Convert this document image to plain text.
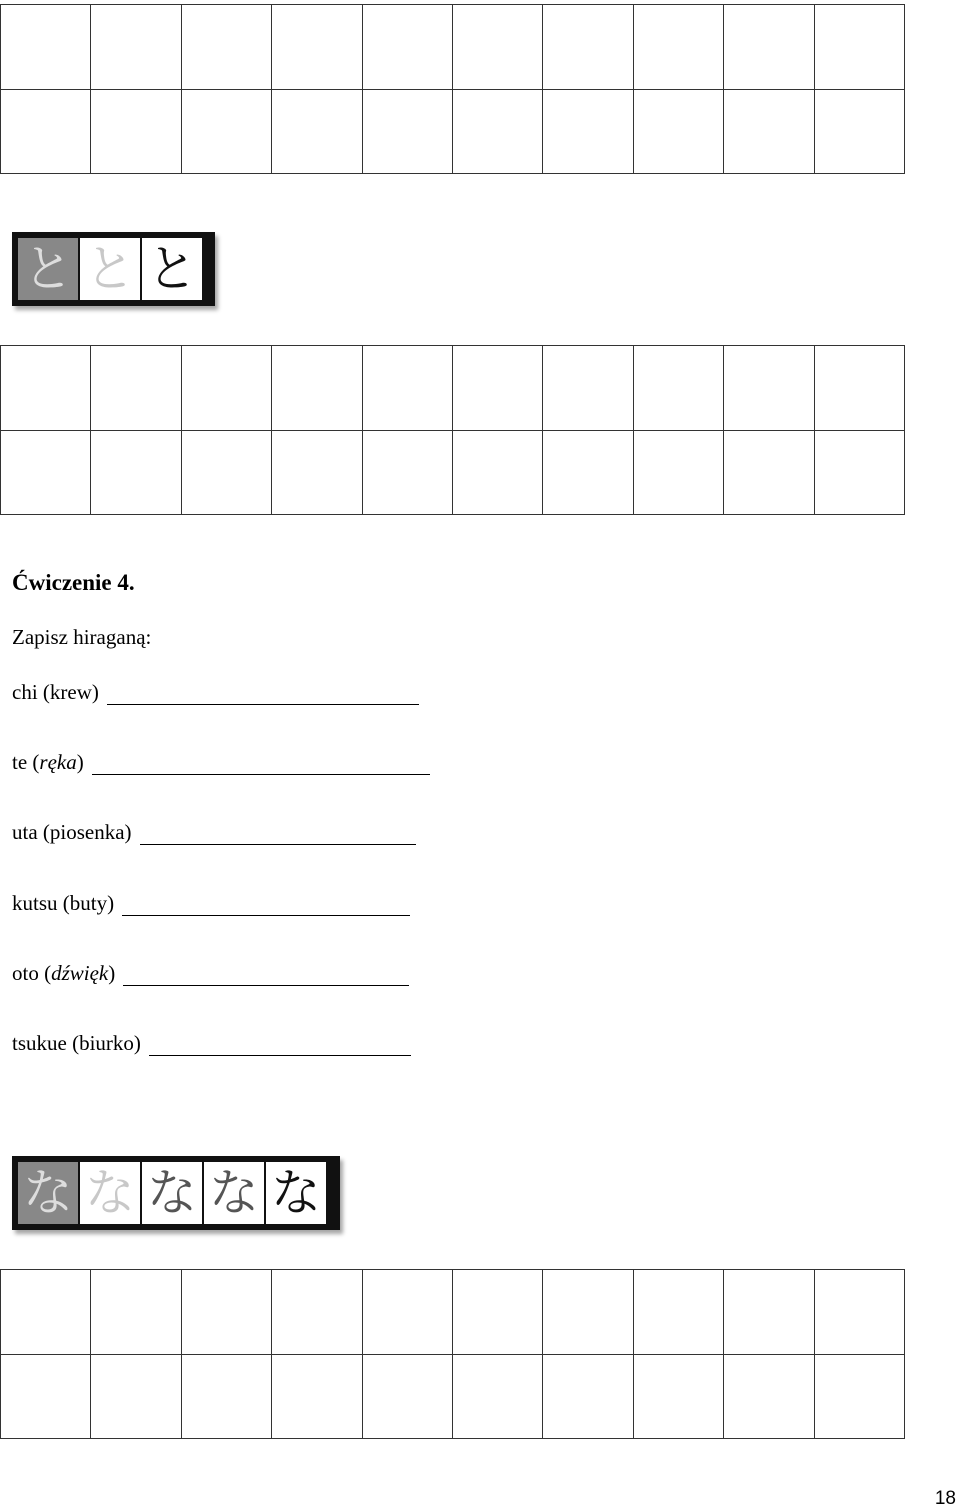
と と と
Ćwiczenie 4.

Zapisz hiraganą:

chi (krew)
te (ręka)
uta (piosenka)
kutsu (buty)
oto (dźwięk)
tsukue (biurko)
な な な な な
18
